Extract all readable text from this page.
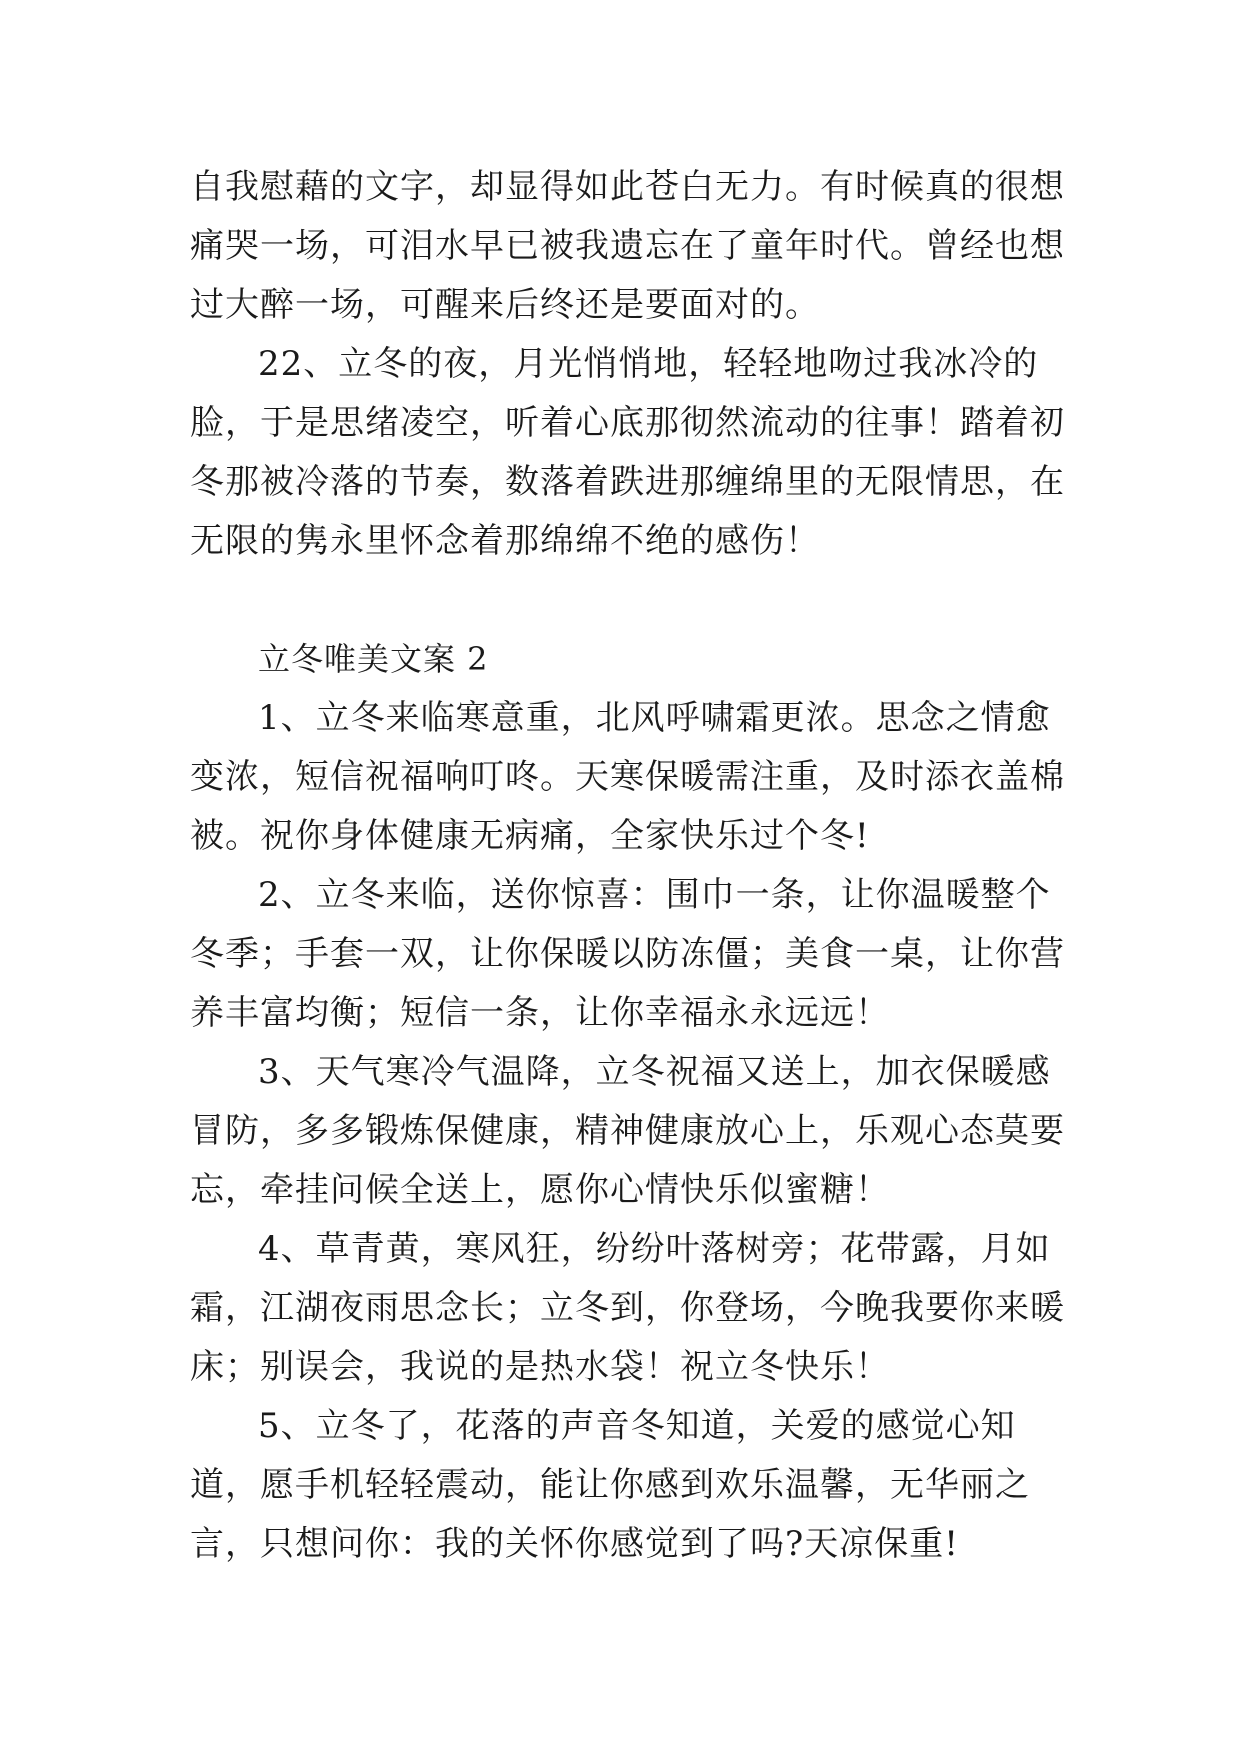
自我慰藉的文字，却显得如此苍白无力。有时候真的很想痛哭一场，可泪水早已被我遗忘在了童年时代。曾经也想过大醉一场，可醒来后终还是要面对的。

22、立冬的夜，月光悄悄地，轻轻地吻过我冰冷的脸，于是思绪凌空，听着心底那彻然流动的往事！踏着初冬那被冷落的节奏，数落着跌进那缠绵里的无限情思，在无限的隽永里怀念着那绵绵不绝的感伤！

立冬唯美文案 2

1、立冬来临寒意重，北风呼啸霜更浓。思念之情愈变浓，短信祝福响叮咚。天寒保暖需注重，及时添衣盖棉被。祝你身体健康无病痛，全家快乐过个冬!

2、立冬来临，送你惊喜：围巾一条，让你温暖整个冬季；手套一双，让你保暖以防冻僵；美食一桌，让你营养丰富均衡；短信一条，让你幸福永永远远！

3、天气寒冷气温降，立冬祝福又送上，加衣保暖感冒防，多多锻炼保健康，精神健康放心上，乐观心态莫要忘，牵挂问候全送上，愿你心情快乐似蜜糖！

4、草青黄，寒风狂，纷纷叶落树旁；花带露，月如霜，江湖夜雨思念长；立冬到，你登场，今晚我要你来暖床；别误会，我说的是热水袋！祝立冬快乐！

5、立冬了，花落的声音冬知道，关爱的感觉心知道，愿手机轻轻震动，能让你感到欢乐温馨，无华丽之言，只想问你：我的关怀你感觉到了吗?天凉保重!
